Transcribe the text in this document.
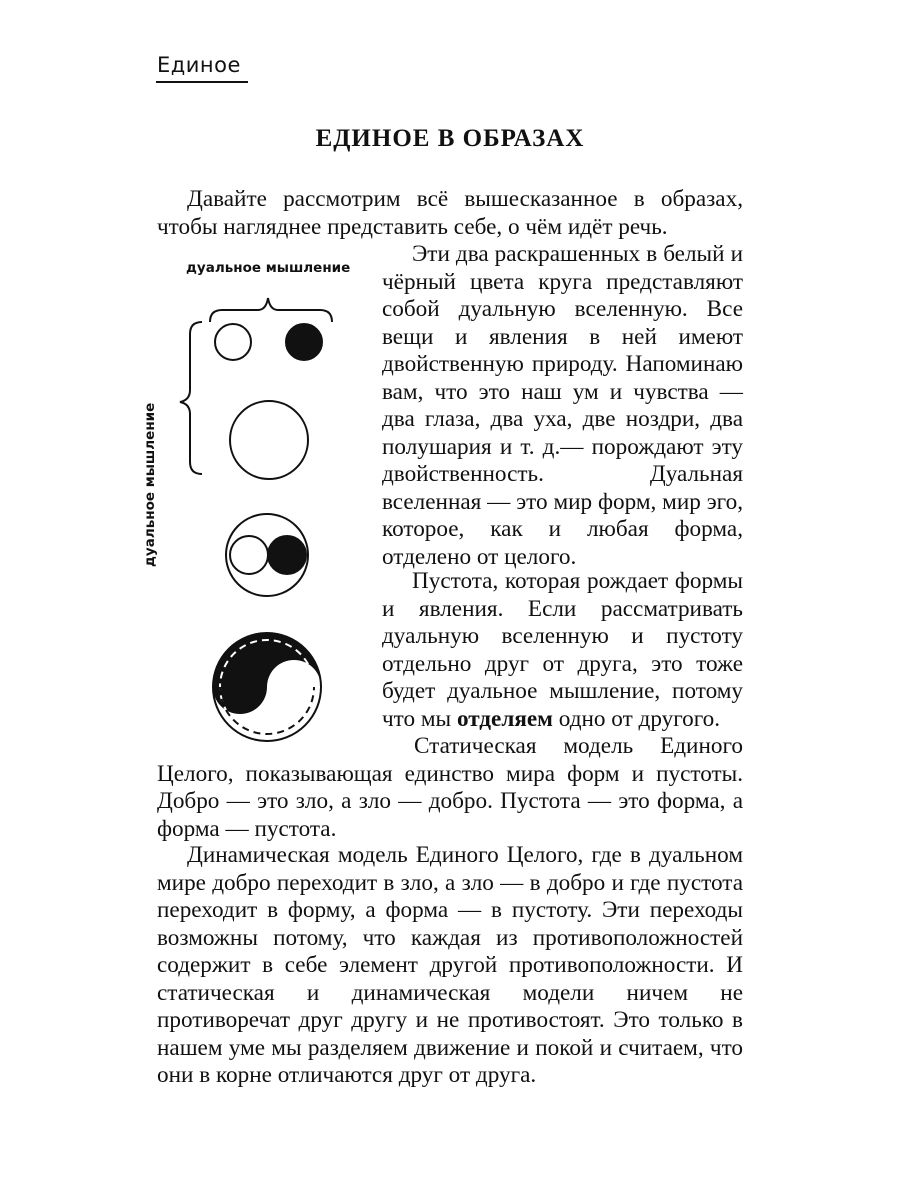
Единое
ЕДИНОЕ В ОБРАЗАХ
Давайте рассмотрим всё вышесказанное в образах, чтобы нагляднее представить себе, о чём идёт речь.
дуальное мышление
дуальное мышление
Эти два раскрашенных в белый и чёрный цвета круга представляют собой дуальную вселенную. Все вещи и явления в ней имеют двойственную природу. Напоминаю вам, что это наш ум и чувства — два глаза, два уха, две ноздри, два полушария и т. д.— порождают эту двойственность. Дуальная вселенная — это мир форм, мир эго, которое, как и любая форма, отделено от целого.
Пустота, которая рождает формы и явления. Если рассматривать дуальную вселенную и пустоту отдельно друг от друга, это тоже будет дуальное мышление, потому что мы отделяем одно от другого.
Статическая модель Единого Целого, показывающая единство мира форм и пустоты. Добро — это зло, а зло — добро. Пустота — это форма, а форма — пустота.
Динамическая модель Единого Целого, где в дуальном мире добро переходит в зло, а зло — в добро и где пустота переходит в форму, а форма — в пустоту. Эти переходы возможны потому, что каждая из противоположностей содержит в себе элемент другой противоположности. И статическая и динамическая модели ничем не противоречат друг другу и не противостоят. Это только в нашем уме мы разделяем движение и покой и считаем, что они в корне отличаются друг от друга.
